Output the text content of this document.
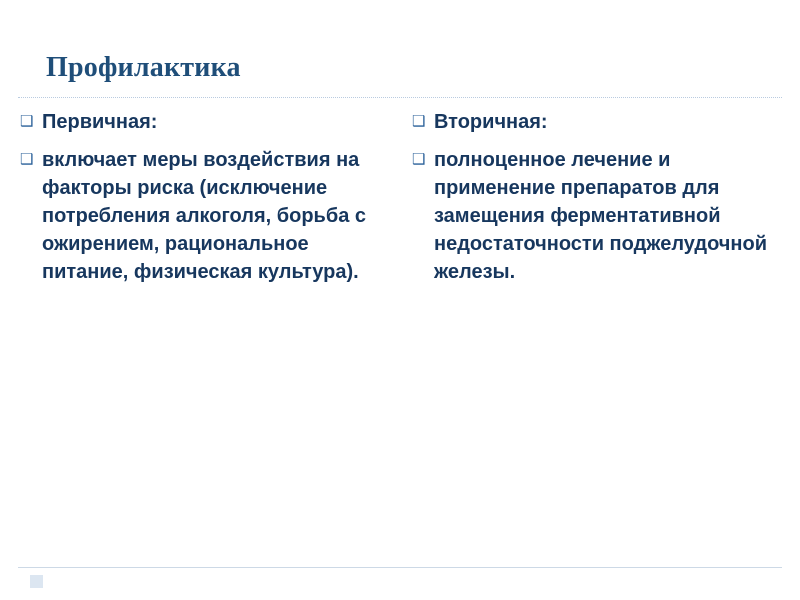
Профилактика
❑ Первичная:
❑ включает меры воздействия на факторы риска (исключение потребления алкоголя, борьба с ожирением, рациональное питание, физическая культура).
❑ Вторичная:
❑ полноценное лечение и применение препаратов для замещения ферментативной недостаточности поджелудочной железы.
